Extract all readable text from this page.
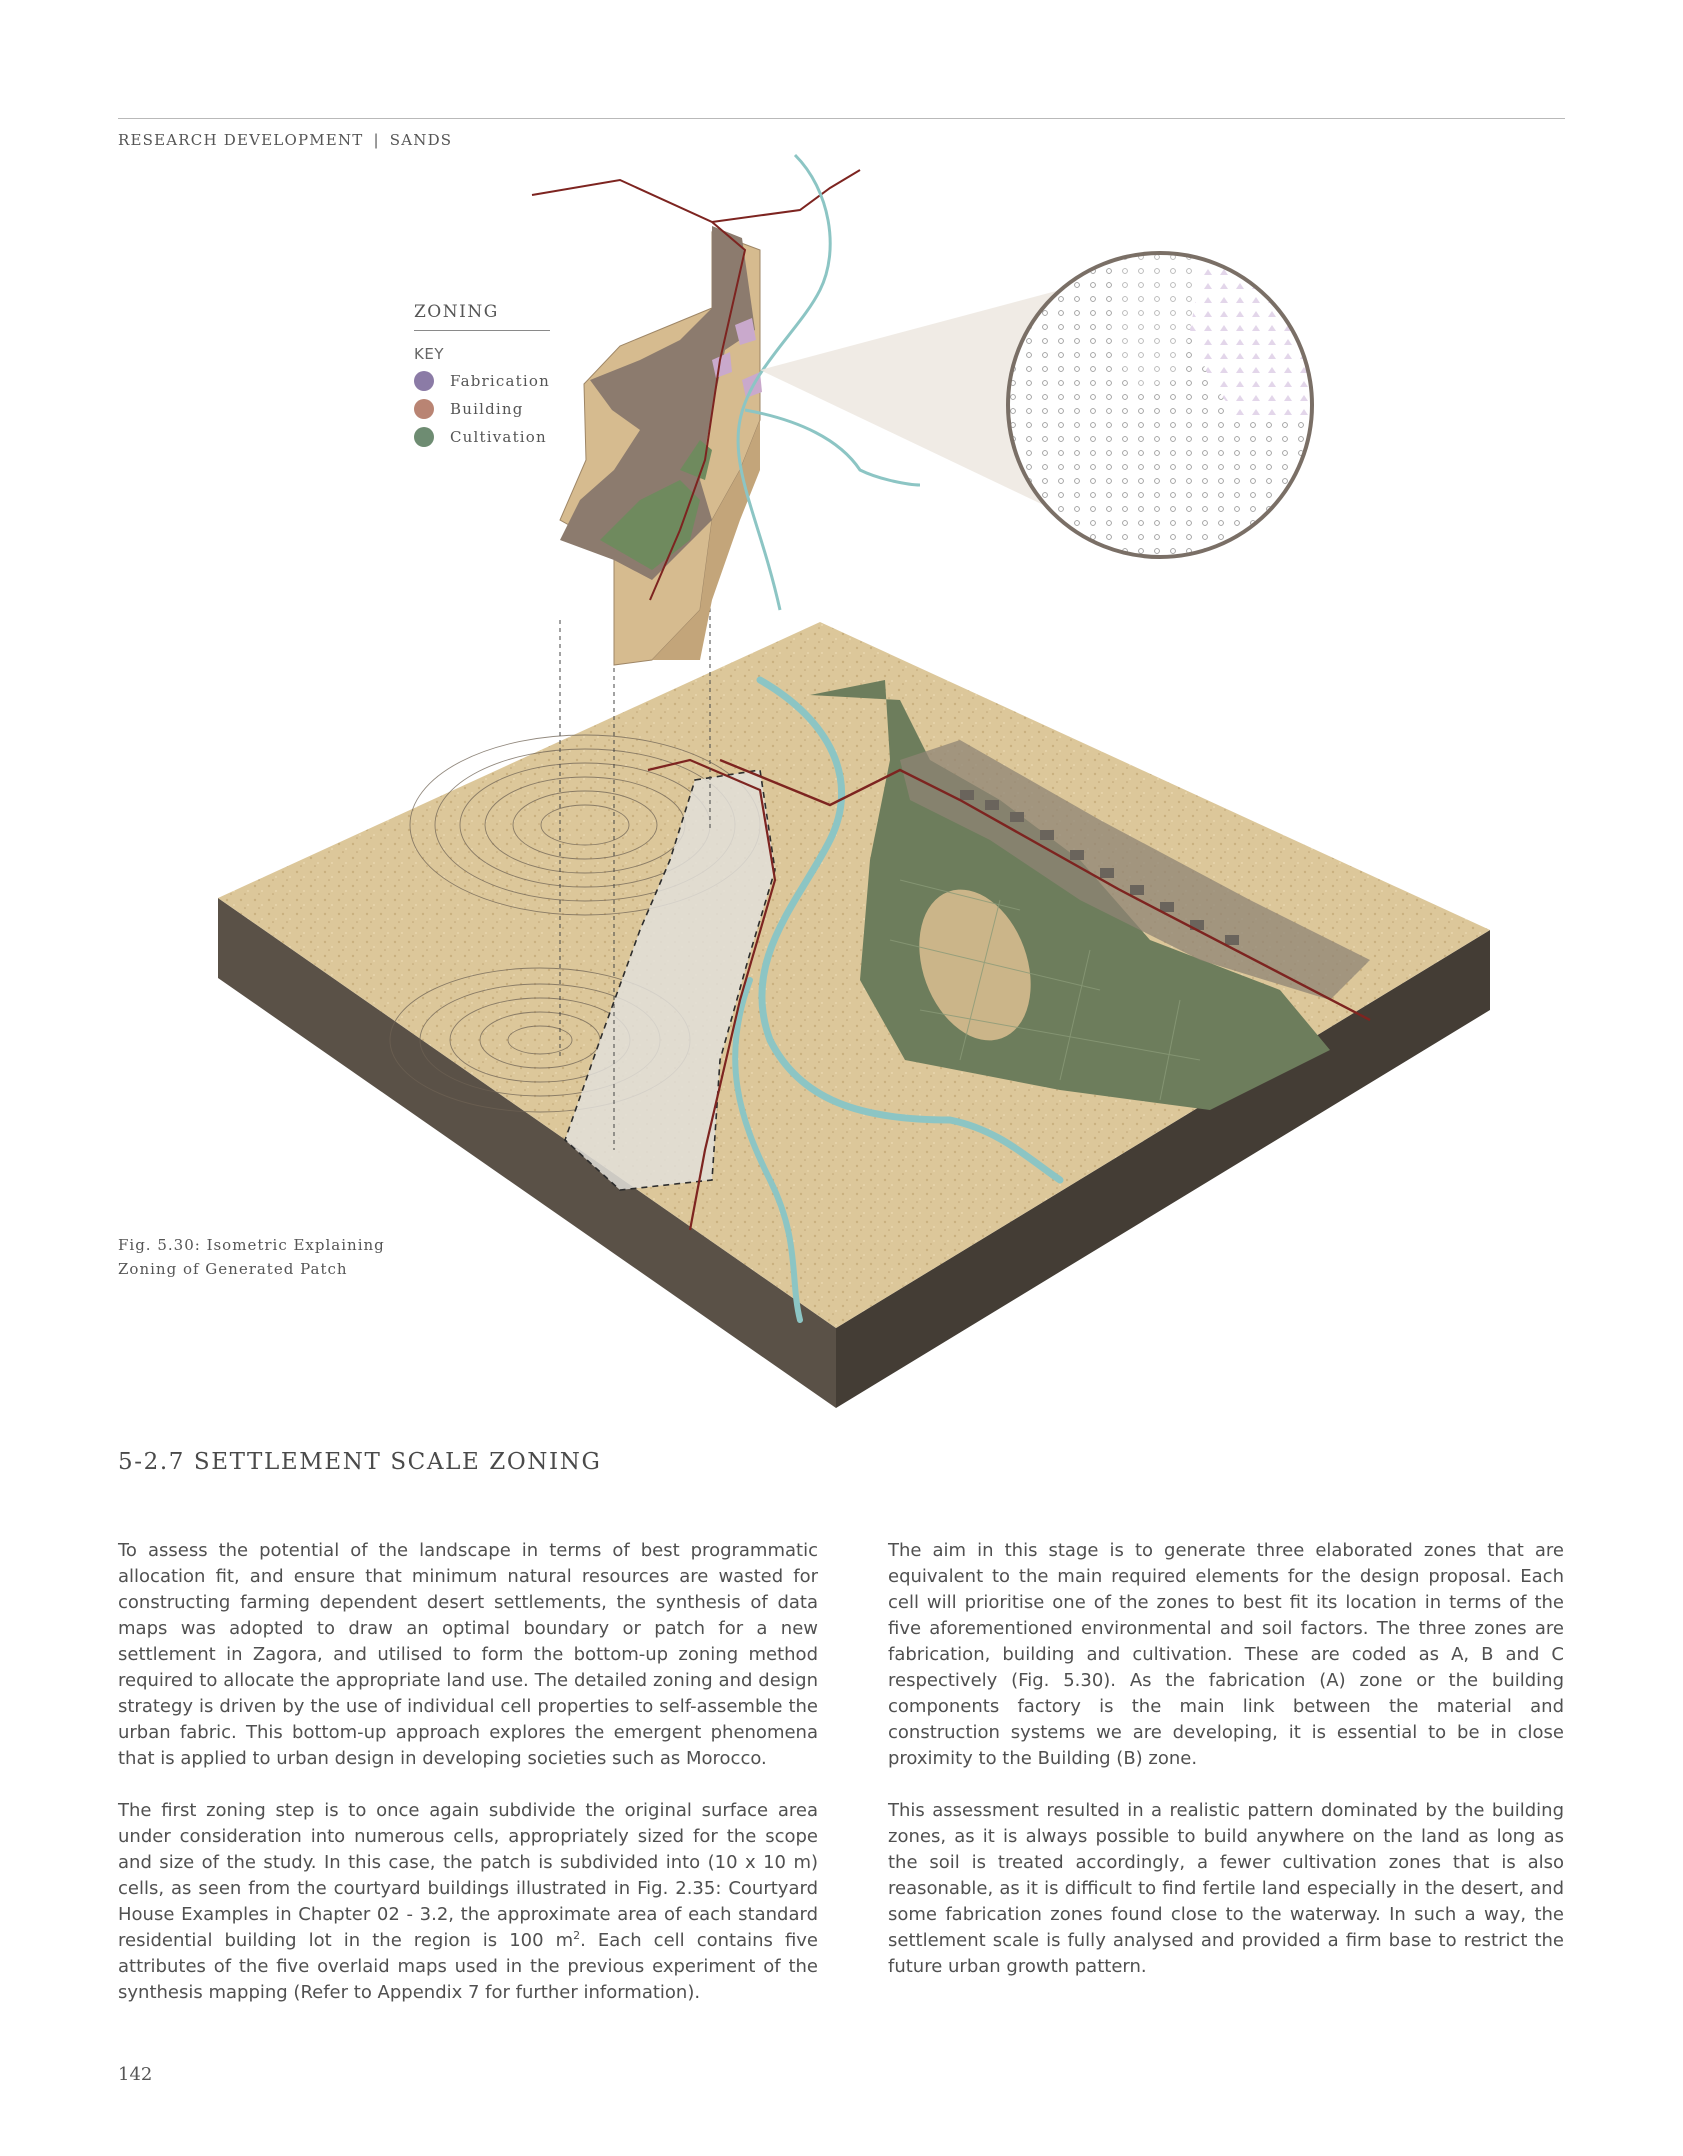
RESEARCH DEVELOPMENT | SANDS
ZONING
KEY
Fabrication
Building
Cultivation
Fig. 5.30: Isometric Explaining
Zoning of Generated Patch
5-2.7 SETTLEMENT SCALE ZONING

To assess the potential of the landscape in terms of best programmatic allocation fit, and ensure that minimum natural resources are wasted for constructing farming dependent desert settlements, the synthesis of data maps was adopted to draw an optimal boundary or patch for a new settlement in Zagora, and utilised to form the bottom-up zoning method required to allocate the appropriate land use. The detailed zoning and design strategy is driven by the use of individual cell properties to self-assemble the urban fabric. This bottom-up approach explores the emergent phenomena that is applied to urban design in developing societies such as Morocco.

The first zoning step is to once again subdivide the original surface area under consideration into numerous cells, appropriately sized for the scope and size of the study. In this case, the patch is subdivided into (10 x 10 m) cells, as seen from the courtyard buildings illustrated in Fig. 2.35: Courtyard House Examples in Chapter 02 - 3.2, the approximate area of each standard residential building lot in the region is 100 $m^2$. Each cell contains five attributes of the five overlaid maps used in the previous experiment of the synthesis mapping (Refer to Appendix 7 for further information).

The aim in this stage is to generate three elaborated zones that are equivalent to the main required elements for the design proposal. Each cell will prioritise one of the zones to best fit its location in terms of the five aforementioned environmental and soil factors. The three zones are fabrication, building and cultivation. These are coded as A, B and C respectively (Fig. 5.30). As the fabrication (A) zone or the building components factory is the main link between the material and construction systems we are developing, it is essential to be in close proximity to the Building (B) zone.

This assessment resulted in a realistic pattern dominated by the building zones, as it is always possible to build anywhere on the land as long as the soil is treated accordingly, a fewer cultivation zones that is also reasonable, as it is difficult to find fertile land especially in the desert, and some fabrication zones found close to the waterway. In such a way, the settlement scale is fully analysed and provided a firm base to restrict the future urban growth pattern.

142
